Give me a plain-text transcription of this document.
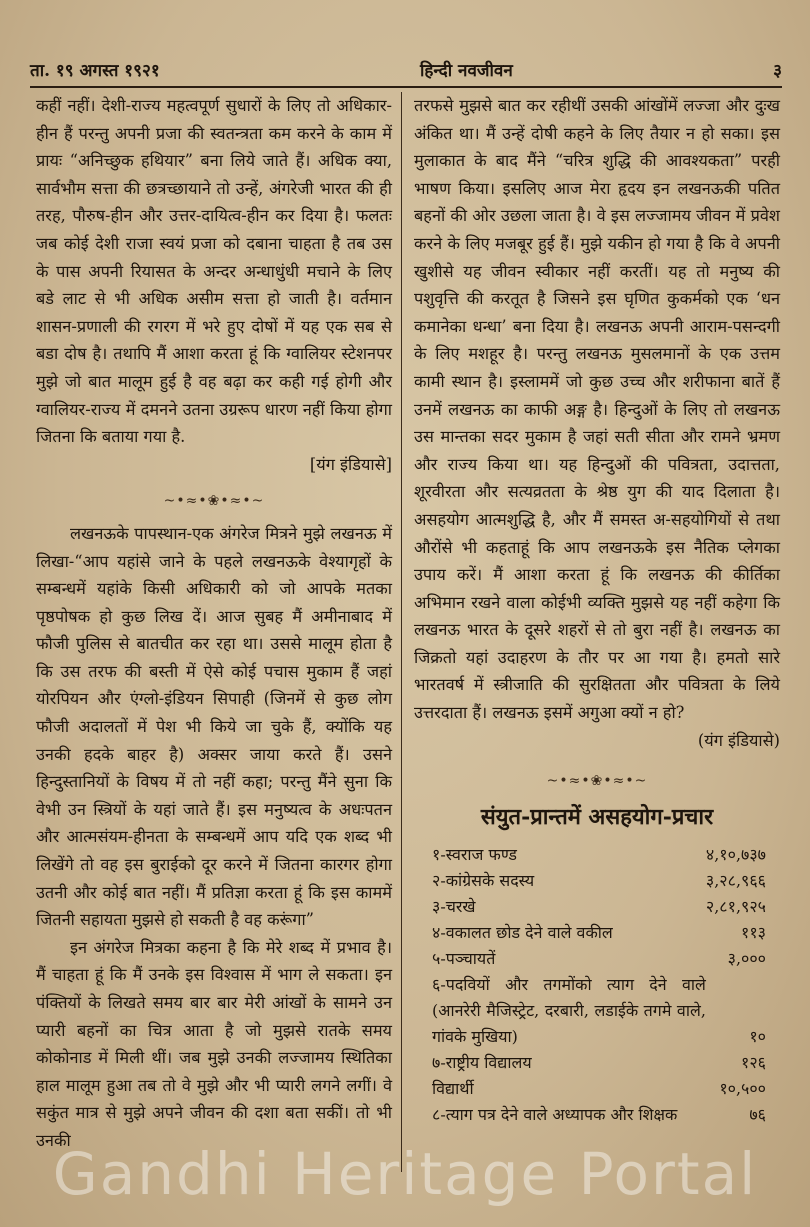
ता. १९ अगस्त १९२१	हिन्दी नवजीवन	३

कहीं नहीं। देशी-राज्य महत्वपूर्ण सुधारों के लिए तो अधिकार-हीन हैं परन्तु अपनी प्रजा की स्वतन्त्रता कम करने के काम में प्रायः “अनिच्छुक हथियार” बना लिये जाते हैं। अधिक क्या, सार्वभौम सत्ता की छत्रच्छायाने तो उन्हें, अंगरेजी भारत की ही तरह, पौरुष-हीन और उत्तर-दायित्व-हीन कर दिया है। फलतः जब कोई देशी राजा स्वयं प्रजा को दबाना चाहता है तब उस के पास अपनी रियासत के अन्दर अन्धाधुंधी मचाने के लिए बडे लाट से भी अधिक असीम सत्ता हो जाती है। वर्तमान शासन-प्रणाली की रगरग में भरे हुए दोषों में यह एक सब से बडा दोष है। तथापि मैं आशा करता हूं कि ग्वालियर स्टेशनपर मुझे जो बात मालूम हुई है वह बढ़ा कर कही गई होगी और ग्वालियर-राज्य में दमनने उतना उग्ररूप धारण नहीं किया होगा जितना कि बताया गया है.

[यंग इंडियासे]
~•≈•❀•≈•~

लखनऊके पापस्थान-एक अंगरेज मित्रने मुझे लखनऊ में लिखा-“आप यहांसे जाने के पहले लखनऊके वेश्यागृहों के सम्बन्धमें यहांके किसी अधिकारी को जो आपके मतका पृष्ठपोषक हो कुछ लिख दें। आज सुबह मैं अमीनाबाद में फौजी पुलिस से बातचीत कर रहा था। उससे मालूम होता है कि उस तरफ की बस्ती में ऐसे कोई पचास मुकाम हैं जहां योरपियन और एंग्लो-इंडियन सिपाही (जिनमें से कुछ लोग फौजी अदालतों में पेश भी किये जा चुके हैं, क्योंकि यह उनकी हदके बाहर है) अक्सर जाया करते हैं। उसने हिन्दुस्तानियों के विषय में तो नहीं कहा; परन्तु मैंने सुना कि वेभी उन स्त्रियों के यहां जाते हैं। इस मनुष्यत्व के अधःपतन और आत्मसंयम-हीनता के सम्बन्धमें आप यदि एक शब्द भी लिखेंगे तो वह इस बुराईको दूर करने में जितना कारगर होगा उतनी और कोई बात नहीं। मैं प्रतिज्ञा करता हूं कि इस काममें जितनी सहायता मुझसे हो सकती है वह करूंगा”

इन अंगरेज मित्रका कहना है कि मेरे शब्द में प्रभाव है। मैं चाहता हूं कि मैं उनके इस विश्वास में भाग ले सकता। इन पंक्तियों के लिखते समय बार बार मेरी आंखों के सामने उन प्यारी बहनों का चित्र आता है जो मुझसे रातके समय कोकोनाड में मिली थीं। जब मुझे उनकी लज्जामय स्थितिका हाल मालूम हुआ तब तो वे मुझे और भी प्यारी लगने लगीं। वे सकुंत मात्र से मुझे अपने जीवन की दशा बता सकीं। तो भी उनकी

तरफसे मुझसे बात कर रहीथीं उसकी आंखोंमें लज्जा और दुःख अंकित था। मैं उन्हें दोषी कहने के लिए तैयार न हो सका। इस मुलाकात के बाद मैंने “चरित्र शुद्धि की आवश्यकता” परही भाषण किया। इसलिए आज मेरा हृदय इन लखनऊकी पतित बहनों की ओर उछला जाता है। वे इस लज्जामय जीवन में प्रवेश करने के लिए मजबूर हुई हैं। मुझे यकीन हो गया है कि वे अपनी खुशीसे यह जीवन स्वीकार नहीं करतीं। यह तो मनुष्य की पशुवृत्ति की करतूत है जिसने इस घृणित कुकर्मको एक ‘धन कमानेका धन्धा’ बना दिया है। लखनऊ अपनी आराम-पसन्दगी के लिए मशहूर है। परन्तु लखनऊ मुसलमानों के एक उत्तम कामी स्थान है। इस्लाममें जो कुछ उच्च और शरीफाना बातें हैं उनमें लखनऊ का काफी अङ्ग है। हिन्दुओं के लिए तो लखनऊ उस मान्तका सदर मुकाम है जहां सती सीता और रामने भ्रमण और राज्य किया था। यह हिन्दुओं की पवित्रता, उदात्तता, शूरवीरता और सत्यव्रतता के श्रेष्ठ युग की याद दिलाता है। असहयोग आत्मशुद्धि है, और मैं समस्त अ-सहयोगियों से तथा औरोंसे भी कहताहूं कि आप लखनऊके इस नैतिक प्लेगका उपाय करें। मैं आशा करता हूं कि लखनऊ की कीर्तिका अभिमान रखने वाला कोईभी व्यक्ति मुझसे यह नहीं कहेगा कि लखनऊ भारत के दूसरे शहरों से तो बुरा नहीं है। लखनऊ का जिक्रतो यहां उदाहरण के तौर पर आ गया है। हमतो सारे भारतवर्ष में स्त्रीजाति की सुरक्षितता और पवित्रता के लिये उत्तरदाता हैं। लखनऊ इसमें अगुआ क्यों न हो?

(यंग इंडियासे)
~•≈•❀•≈•~
संयुत-प्रान्तमें असहयोग-प्रचार
१-स्वराज फण्ड	४,१०,७३७
२-कांग्रेसके सदस्य	३,२८,९६६
३-चरखे	२,८१,९२५
४-वकालत छोड देने वाले वकील	११३
५-पञ्चायतें	३,०००
६-पदवियों और तगमोंको त्याग देने वाले (आनरेरी मैजिस्ट्रेट, दरबारी, लडाईके तगमे वाले, गांवके मुखिया)	१०
७-राष्ट्रीय विद्यालय	१२६
विद्यार्थी	१०,५००
८-त्याग पत्र देने वाले अध्यापक और शिक्षक	७६
Gandhi Heritage Portal
